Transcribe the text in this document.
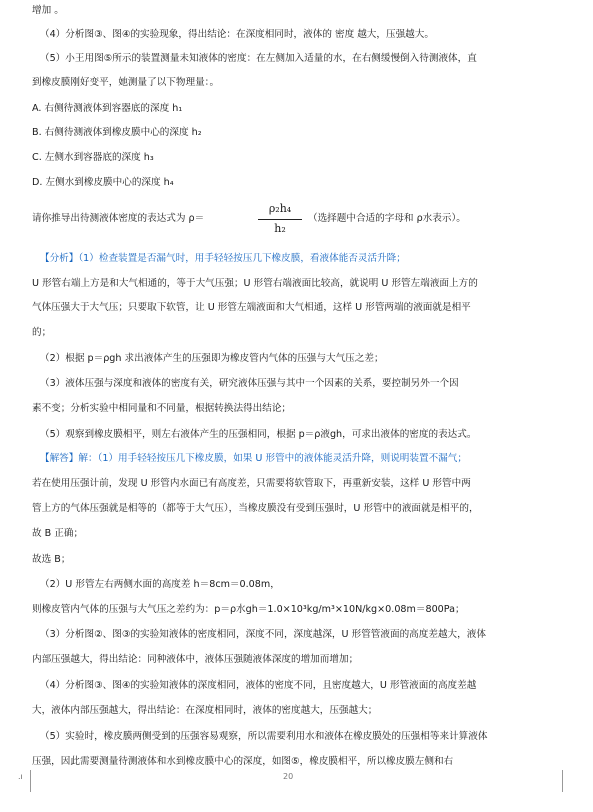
增加 。
（4）分析图③、图④的实验现象，得出结论：在深度相同时，液体的 密度 越大，压强越大。
（5）小王用图⑤所示的装置测量未知液体的密度：在左侧加入适量的水，在右侧缓慢倒入待测液体，直
到橡皮膜刚好变平，她测量了以下物理量：。
A. 右侧待测液体到容器底的深度 h₁
B. 右侧待测液体到橡皮膜中心的深度 h₂
C. 左侧水到容器底的深度 h₃
D. 左侧水到橡皮膜中心的深度 h₄
请你推导出待测液体密度的表达式为 ρ＝
ρ₂h₄
h₂
（选择题中合适的字母和 ρ水表示）。
【分析】（1）检查装置是否漏气时，用手轻轻按压几下橡皮膜，看液体能否灵活升降；
U 形管右端上方是和大气相通的，等于大气压强；U 形管右端液面比较高，就说明 U 形管左端液面上方的
气体压强大于大气压；只要取下软管，让 U 形管左端液面和大气相通，这样 U 形管两端的液面就是相平
的；
（2）根据 p＝ρgh 求出液体产生的压强即为橡皮管内气体的压强与大气压之差；
（3）液体压强与深度和液体的密度有关，研究液体压强与其中一个因素的关系，要控制另外一个因
素不变；分析实验中相同量和不同量，根据转换法得出结论；
（5）观察到橡皮膜相平，则左右液体产生的压强相同，根据 p＝ρ液gh，可求出液体的密度的表达式。
【解答】解：（1）用手轻轻按压几下橡皮膜，如果 U 形管中的液体能灵活升降，则说明装置不漏气；
若在使用压强计前，发现 U 形管内水面已有高度差，只需要将软管取下，再重新安装，这样 U 形管中两
管上方的气体压强就是相等的（都等于大气压），当橡皮膜没有受到压强时，U 形管中的液面就是相平的，
故 B 正确；
故选 B；
（2）U 形管左右两侧水面的高度差 h＝8cm＝0.08m，
则橡皮管内气体的压强与大气压之差约为：p＝ρ水gh＝1.0×10³kg/m³×10N/kg×0.08m＝800Pa；
（3）分析图②、图③的实验知液体的密度相同，深度不同，深度越深，U 形管管液面的高度差越大，液体
内部压强越大，得出结论：同种液体中，液体压强随液体深度的增加而增加；
（4）分析图③、图④的实验知液体的深度相同，液体的密度不同，且密度越大，U 形管液面的高度差越
大，液体内部压强越大，得出结论：在深度相同时，液体的密度越大，压强越大；
（5）实验时，橡皮膜两侧受到的压强容易观察，所以需要利用水和液体在橡皮膜处的压强相等来计算液体
压强，因此需要测量待测液体和水到橡皮膜中心的深度，如图⑤，橡皮膜相平，所以橡皮膜左侧和右
.ı	20
